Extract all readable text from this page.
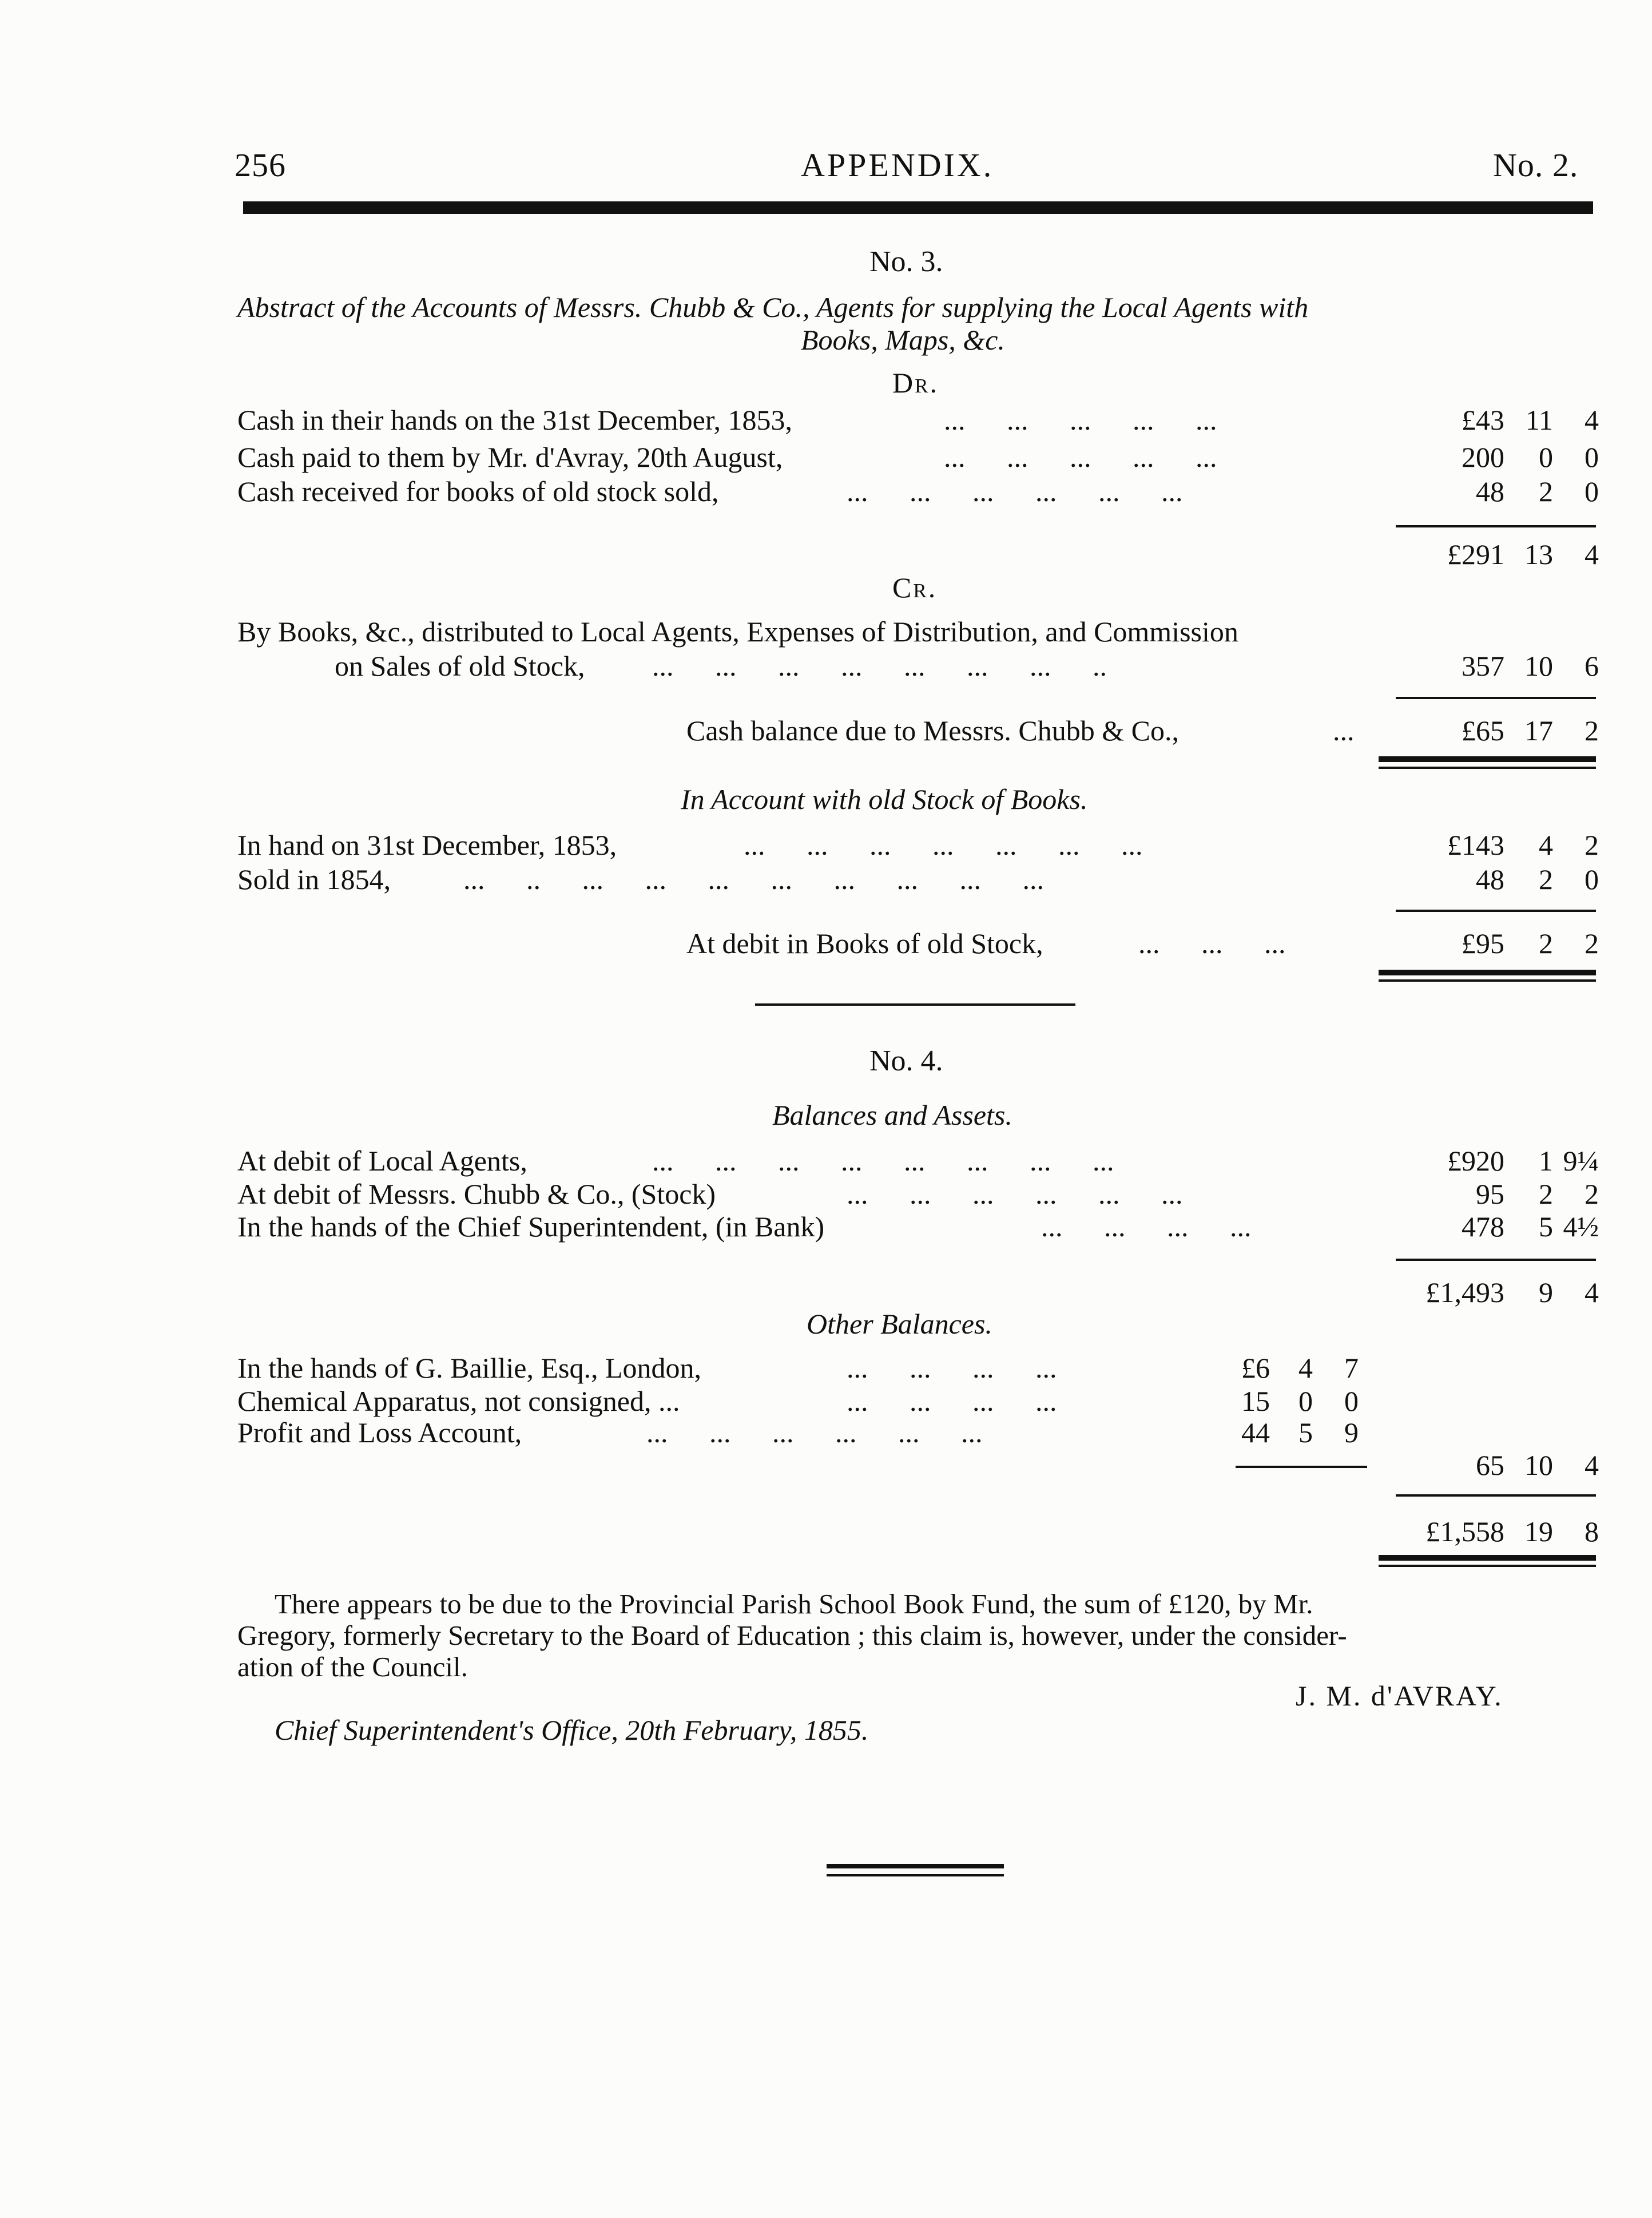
256	APPENDIX.	No. 2.
No. 3.
Abstract of the Accounts of Messrs. Chubb & Co., Agents for supplying the Local Agents with
Books, Maps, &c.
Dr.
Cash in their hands on the 31st December, 1853,	... ... ... ... ...	£43 11	4
Cash paid to them by Mr. d'Avray, 20th August,	... ... ... ... ...	200	0	0
Cash received for books of old stock sold,	... ... ... ... ... ...	48	2	0
£291 13	4
Cr.
By Books, &c., distributed to Local Agents, Expenses of Distribution, and Commission
on Sales of old Stock, ... ... ... ... ... ... ... ..	357 10	6
Cash balance due to Messrs. Chubb & Co.,	...	£65 17	2
In Account with old Stock of Books.
In hand on 31st December, 1853,	... ... ... ... ... ... ...	£143	4	2
Sold in 1854,	... .. ... ... ... ... ... ... ... ...	48	2	0
At debit in Books of old Stock,	... ... ...	£95	2	2
No. 4.
Balances and Assets.
At debit of Local Agents,	... ... ... ... ... ... ... ...	£920	1 9¼
At debit of Messrs. Chubb & Co., (Stock)	... ... ... ... ... ...	95	2	2
In the hands of the Chief Superintendent, (in Bank)	... ... ... ...	478	5 4½
£1,493	9	4
Other Balances.
In the hands of G. Baillie, Esq., London,	... ... ... ...	£6	4	7
Chemical Apparatus, not consigned, ...	... ... ... ...	15	0	0
Profit and Loss Account,	... ... ... ... ... ...	44	5	9
65 10	4
£1,558 19	8
There appears to be due to the Provincial Parish School Book Fund, the sum of £120, by Mr.
Gregory, formerly Secretary to the Board of Education ; this claim is, however, under the consider-
ation of the Council.
J. M. d'AVRAY.
Chief Superintendent's Office, 20th February, 1855.
